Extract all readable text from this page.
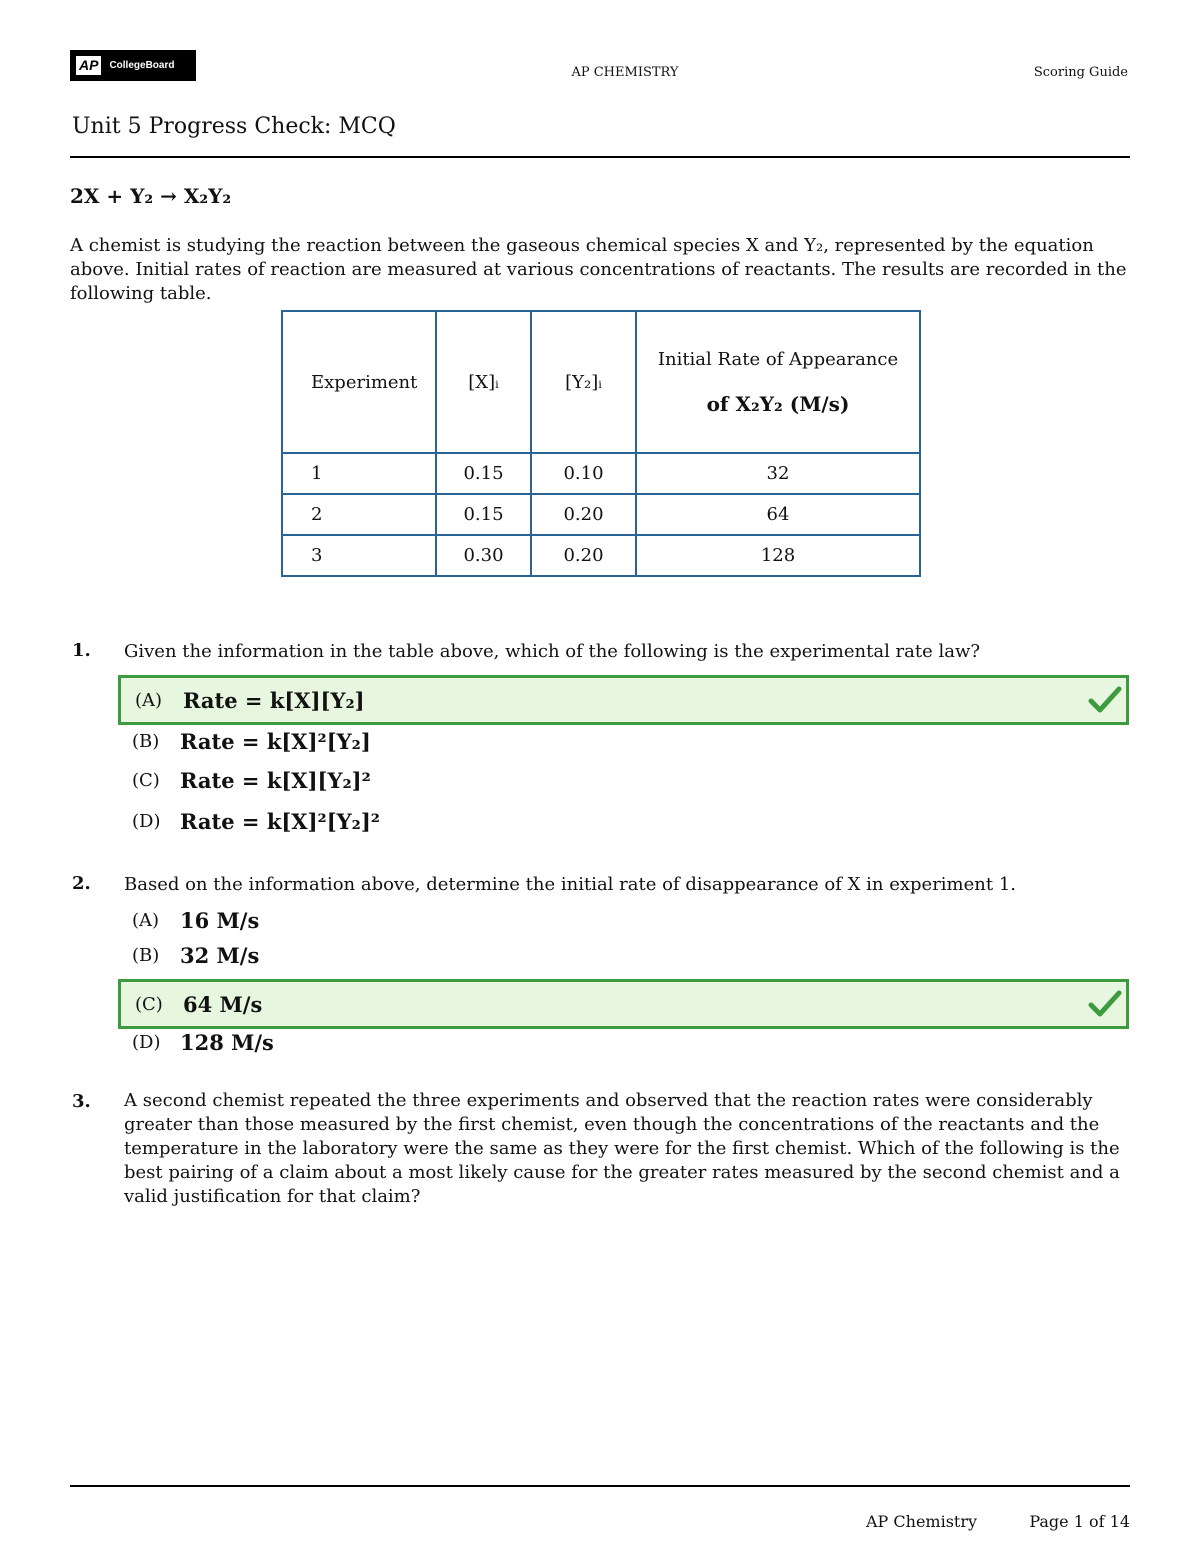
AP	CollegeBoard	AP CHEMISTRY	Scoring Guide
Unit 5 Progress Check: MCQ
2X + Y₂ → X₂Y₂
A chemist is studying the reaction between the gaseous chemical species X and Y₂, represented by the equation above. Initial rates of reaction are measured at various concentrations of reactants. The results are recorded in the following table.
Experiment	[X]ᵢ	[Y₂]ᵢ	Initial Rate of Appearance
of X₂Y₂ (M/s)

1	0.15	0.10	32
2	0.15	0.20	64
3	0.30	0.20	128
1. Given the information in the table above, which of the following is the experimental rate law?
(A) Rate = k[X][Y₂]
(B) Rate = k[X]²[Y₂]
(C) Rate = k[X][Y₂]²
(D) Rate = k[X]²[Y₂]²
2. Based on the information above, determine the initial rate of disappearance of X in experiment 1.
(A) 16 M/s
(B) 32 M/s
(C) 64 M/s
(D) 128 M/s
3. A second chemist repeated the three experiments and observed that the reaction rates were considerably greater than those measured by the first chemist, even though the concentrations of the reactants and the temperature in the laboratory were the same as they were for the first chemist. Which of the following is the best pairing of a claim about a most likely cause for the greater rates measured by the second chemist and a valid justification for that claim?
AP Chemistry	Page 1 of 14
